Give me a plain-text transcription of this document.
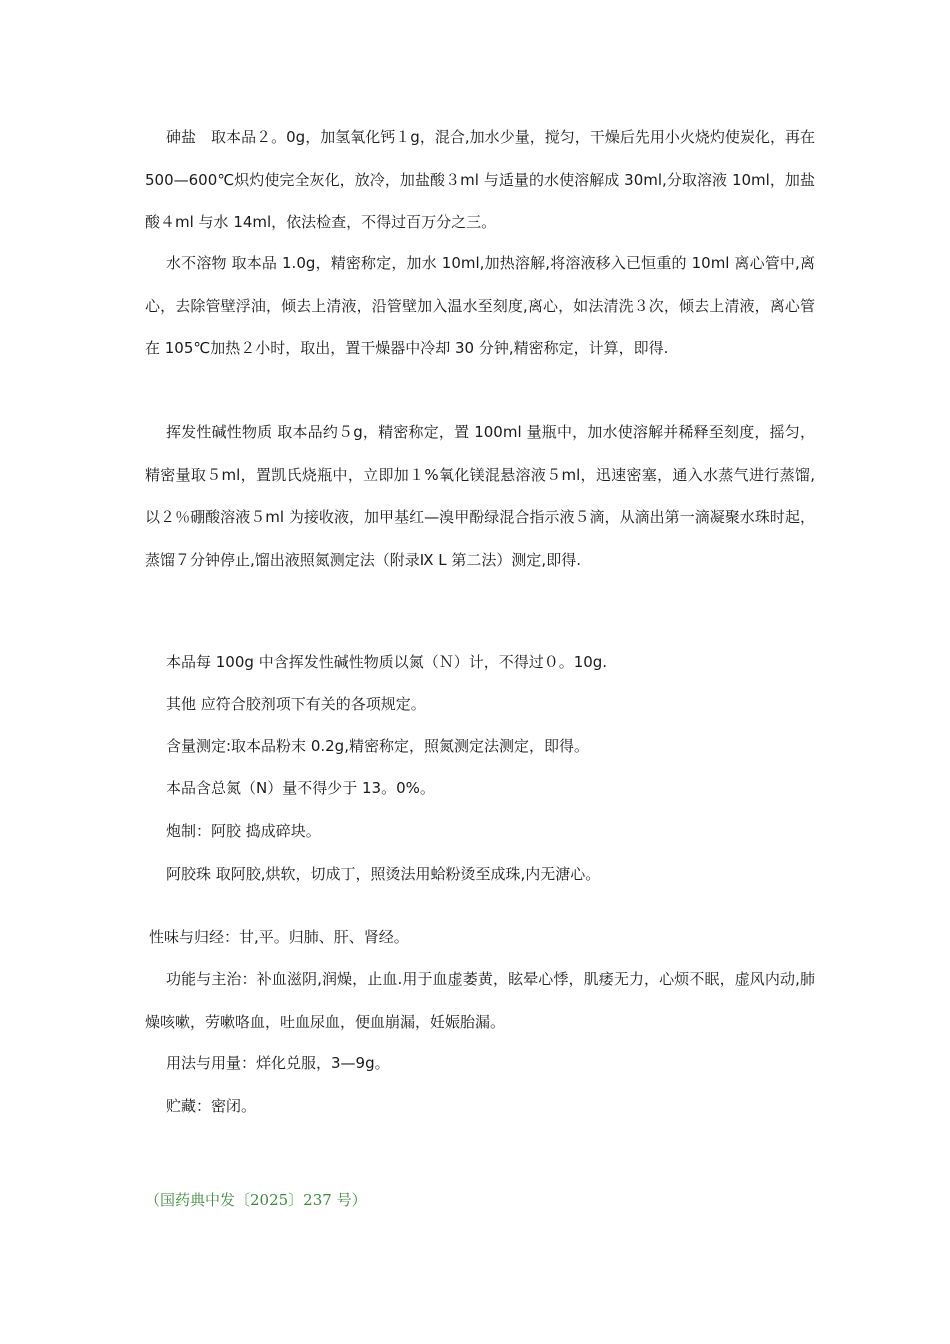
砷盐　取本品２。0g，加氢氧化钙１g，混合,加水少量，搅匀，干燥后先用小火烧灼使炭化，再在 500—600℃炽灼使完全灰化，放冷，加盐酸３ml 与适量的水使溶解成 30ml,分取溶液 10ml，加盐酸４ml 与水 14ml，依法检查，不得过百万分之三。

水不溶物 取本品 1.0g，精密称定，加水 10ml,加热溶解,将溶液移入已恒重的 10ml 离心管中,离心，去除管壁浮油，倾去上清液，沿管壁加入温水至刻度,离心，如法清洗３次，倾去上清液，离心管在 105℃加热２小时，取出，置干燥器中冷却 30 分钟,精密称定，计算，即得.

挥发性碱性物质 取本品约５g，精密称定，置 100ml 量瓶中，加水使溶解并稀释至刻度，摇匀，精密量取５ml，置凯氏烧瓶中，立即加１%氧化镁混悬溶液５ml，迅速密塞，通入水蒸气进行蒸馏,以２％硼酸溶液５ml 为接收液，加甲基红—溴甲酚绿混合指示液５滴，从滴出第一滴凝聚水珠时起，蒸馏７分钟停止,馏出液照氮测定法（附录Ⅸ L 第二法）测定,即得.

本品每 100g 中含挥发性碱性物质以氮（Ｎ）计，不得过０。10g.

其他 应符合胶剂项下有关的各项规定。

含量测定:取本品粉末 0.2g,精密称定，照氮测定法测定，即得。

本品含总氮（N）量不得少于 13。0%。

炮制：阿胶 捣成碎块。

阿胶珠 取阿胶,烘软，切成丁，照烫法用蛤粉烫至成珠,内无溏心。

性味与归经：甘,平。归肺、肝、肾经。

功能与主治：补血滋阴,润燥，止血.用于血虚萎黄，眩晕心悸，肌痿无力，心烦不眠，虚风内动,肺燥咳嗽，劳嗽咯血，吐血尿血，便血崩漏，妊娠胎漏。

用法与用量：烊化兑服，3—9g。

贮藏：密闭。

（国药典中发〔2025〕237 号）
